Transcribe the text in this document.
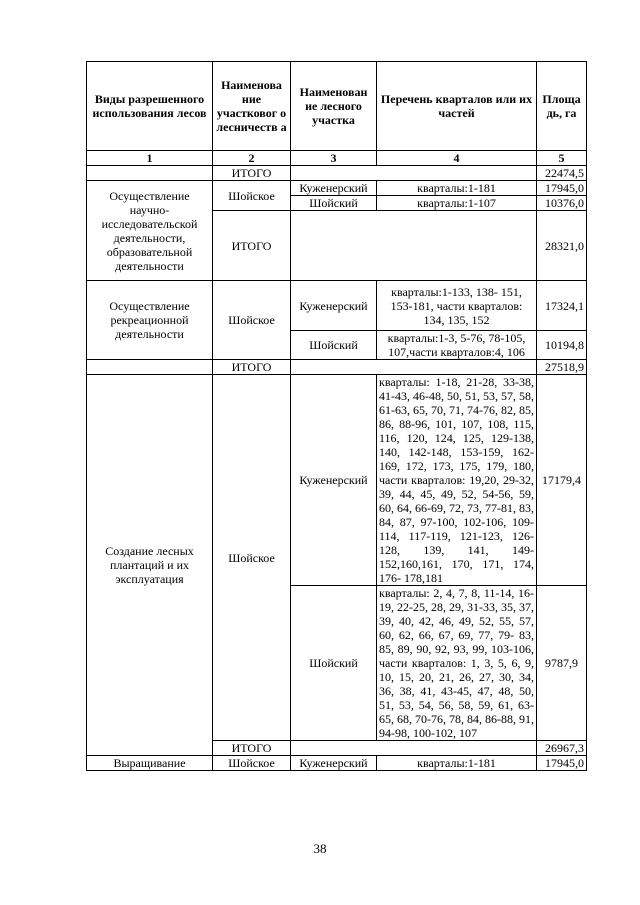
Виды разрешенного использования лесов	Наименова ние участковог о лесничеств а	Наименован ие лесного участка	Перечень кварталов или их частей	Площа дь, га
1	2	3	4	5
	ИТОГО			22474,5
Осуществление научно-исследовательской деятельности, образовательной деятельности	Шойское	Куженерский	кварталы:1-181	17945,0
		Шойский	кварталы:1-107	10376,0
	ИТОГО			28321,0
Осуществление рекреационной деятельности	Шойское	Куженерский	кварталы:1-133, 138- 151, 153-181, части кварталов: 134, 135, 152	17324,1
		Шойский	кварталы:1-3, 5-76, 78-105, 107,части кварталов:4, 106	10194,8
	ИТОГО			27518,9
Создание лесных плантаций и их эксплуатация	Шойское	Куженерский	кварталы: 1-18, 21-28, 33-38, 41-43, 46-48, 50, 51, 53, 57, 58, 61-63, 65, 70, 71, 74-76, 82, 85, 86, 88-96, 101, 107, 108, 115, 116, 120, 124, 125, 129-138, 140, 142-148, 153-159, 162-169, 172, 173, 175, 179, 180, части кварталов: 19,20, 29-32, 39, 44, 45, 49, 52, 54-56, 59, 60, 64, 66-69, 72, 73, 77-81, 83, 84, 87, 97-100, 102-106, 109-114, 117-119, 121-123, 126-128, 139, 141, 149-152,160,161, 170, 171, 174, 176- 178,181	17179,4
		Шойский	кварталы: 2, 4, 7, 8, 11-14, 16-19, 22-25, 28, 29, 31-33, 35, 37, 39, 40, 42, 46, 49, 52, 55, 57, 60, 62, 66, 67, 69, 77, 79- 83, 85, 89, 90, 92, 93, 99, 103-106, части кварталов: 1, 3, 5, 6, 9, 10, 15, 20, 21, 26, 27, 30, 34, 36, 38, 41, 43-45, 47, 48, 50, 51, 53, 54, 56, 58, 59, 61, 63-65, 68, 70-76, 78, 84, 86-88, 91, 94-98, 100-102, 107	9787,9
	ИТОГО			26967,3
Выращивание	Шойское	Куженерский	кварталы:1-181	17945,0
38
